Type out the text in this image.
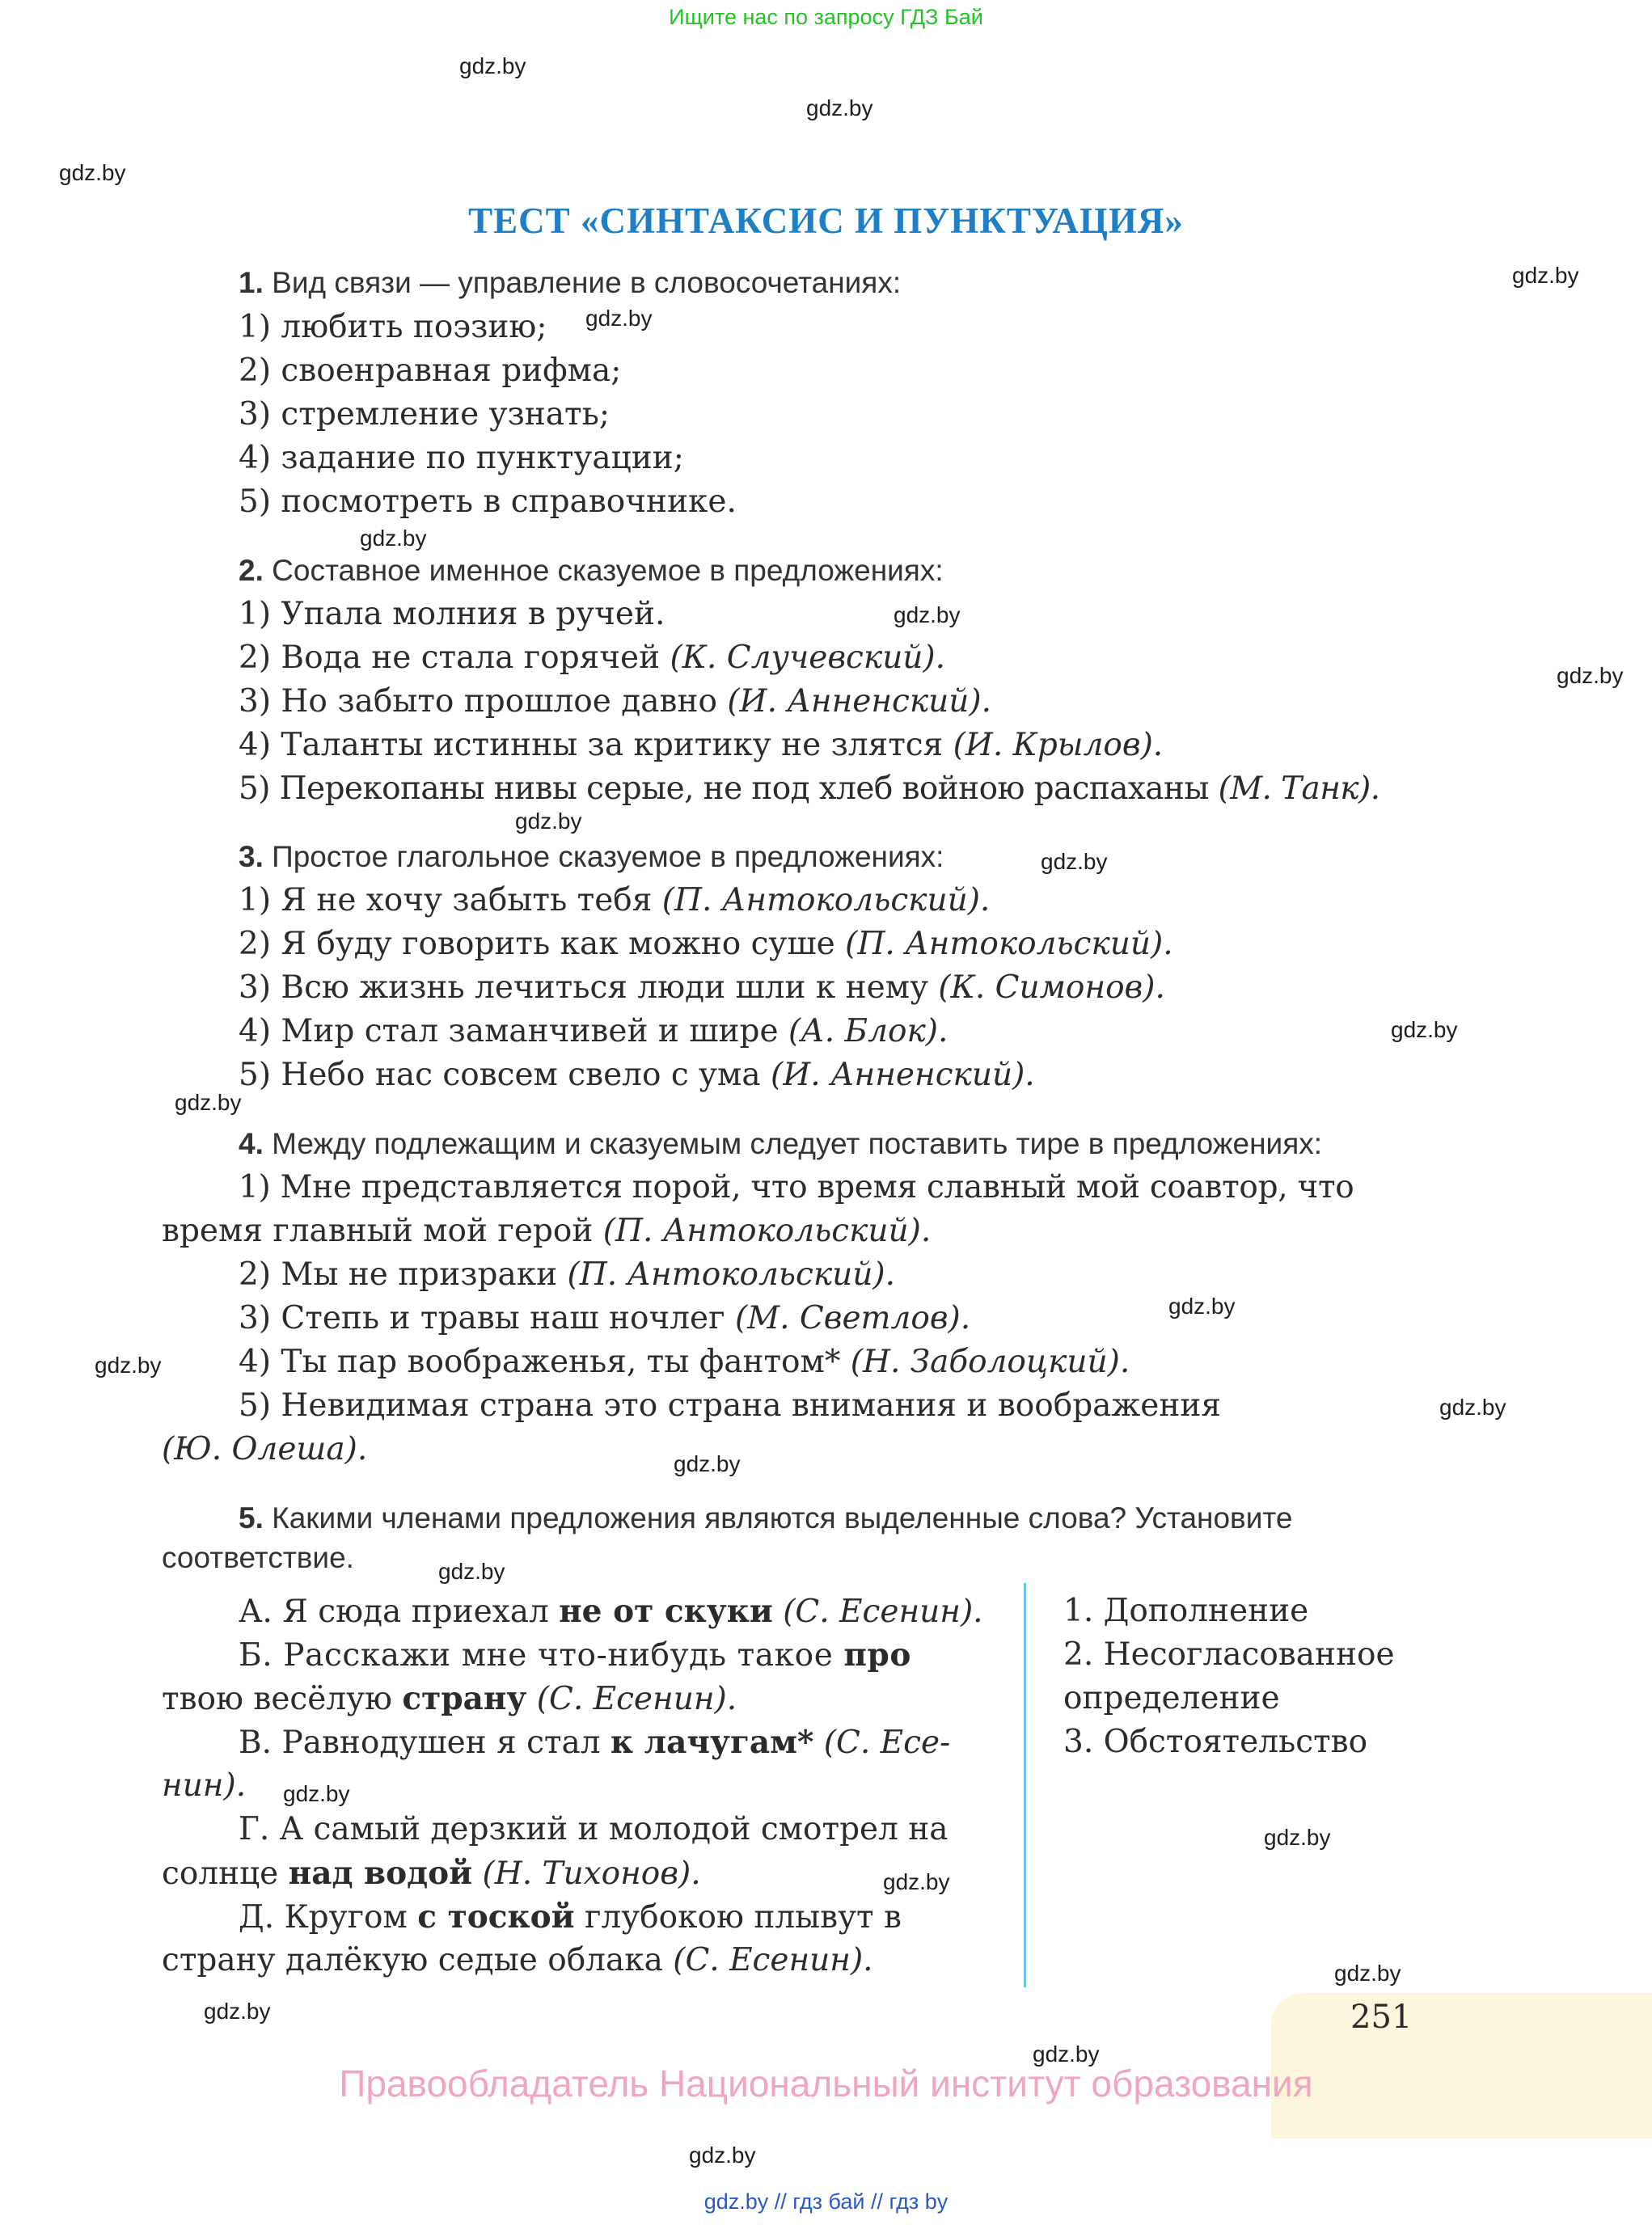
Ищите нас по запросу ГДЗ Бай
gdz.by
gdz.by
gdz.by
gdz.by
gdz.by
gdz.by
gdz.by
gdz.by
gdz.by
gdz.by
gdz.by
gdz.by
gdz.by
gdz.by
gdz.by
gdz.by
gdz.by
gdz.by
gdz.by
gdz.by
gdz.by
gdz.by
gdz.by
gdz.by
ТЕСТ «СИНТАКСИС И ПУНКТУАЦИЯ»
1. Вид связи — управление в словосочетаниях:
1) любить поэзию;
2) своенравная рифма;
3) стремление узнать;
4) задание по пунктуации;
5) посмотреть в справочнике.
2. Составное именное сказуемое в предложениях:
1) Упала молния в ручей.
2) Вода не стала горячей (К. Случевский).
3) Но забыто прошлое давно (И. Анненский).
4) Таланты истинны за критику не злятся (И. Крылов).
5) Перекопаны нивы серые, не под хлеб войною распаханы (М. Танк).
3. Простое глагольное сказуемое в предложениях:
1) Я не хочу забыть тебя (П. Антокольский).
2) Я буду говорить как можно суше (П. Антокольский).
3) Всю жизнь лечиться люди шли к нему (К. Симонов).
4) Мир стал заманчивей и шире (А. Блок).
5) Небо нас совсем свело с ума (И. Анненский).
4. Между подлежащим и сказуемым следует поставить тире в предложениях:
1) Мне представляется порой, что время славный мой соавтор, что
время главный мой герой (П. Антокольский).
2) Мы не призраки (П. Антокольский).
3) Степь и травы наш ночлег (М. Светлов).
4) Ты пар воображенья, ты фантом* (Н. Заболоцкий).
5) Невидимая страна это страна внимания и воображения
(Ю. Олеша).
5. Какими членами предложения являются выделенные слова? Установите
соответствие.
А. Я сюда приехал не от скуки (С. Есенин).
Б. Расскажи мне что-нибудь такое про
твою весёлую страну (С. Есенин).
В. Равнодушен я стал к лачугам* (С. Есе-
нин).
Г. А самый дерзкий и молодой смотрел на
солнце над водой (Н. Тихонов).
Д. Кругом с тоской глубокою плывут в
страну далёкую седые облака (С. Есенин).
1. Дополнение
2. Несогласованное
определение
3. Обстоятельство
251
Правообладатель Национальный институт образования
gdz.by // гдз бай // гдз by
